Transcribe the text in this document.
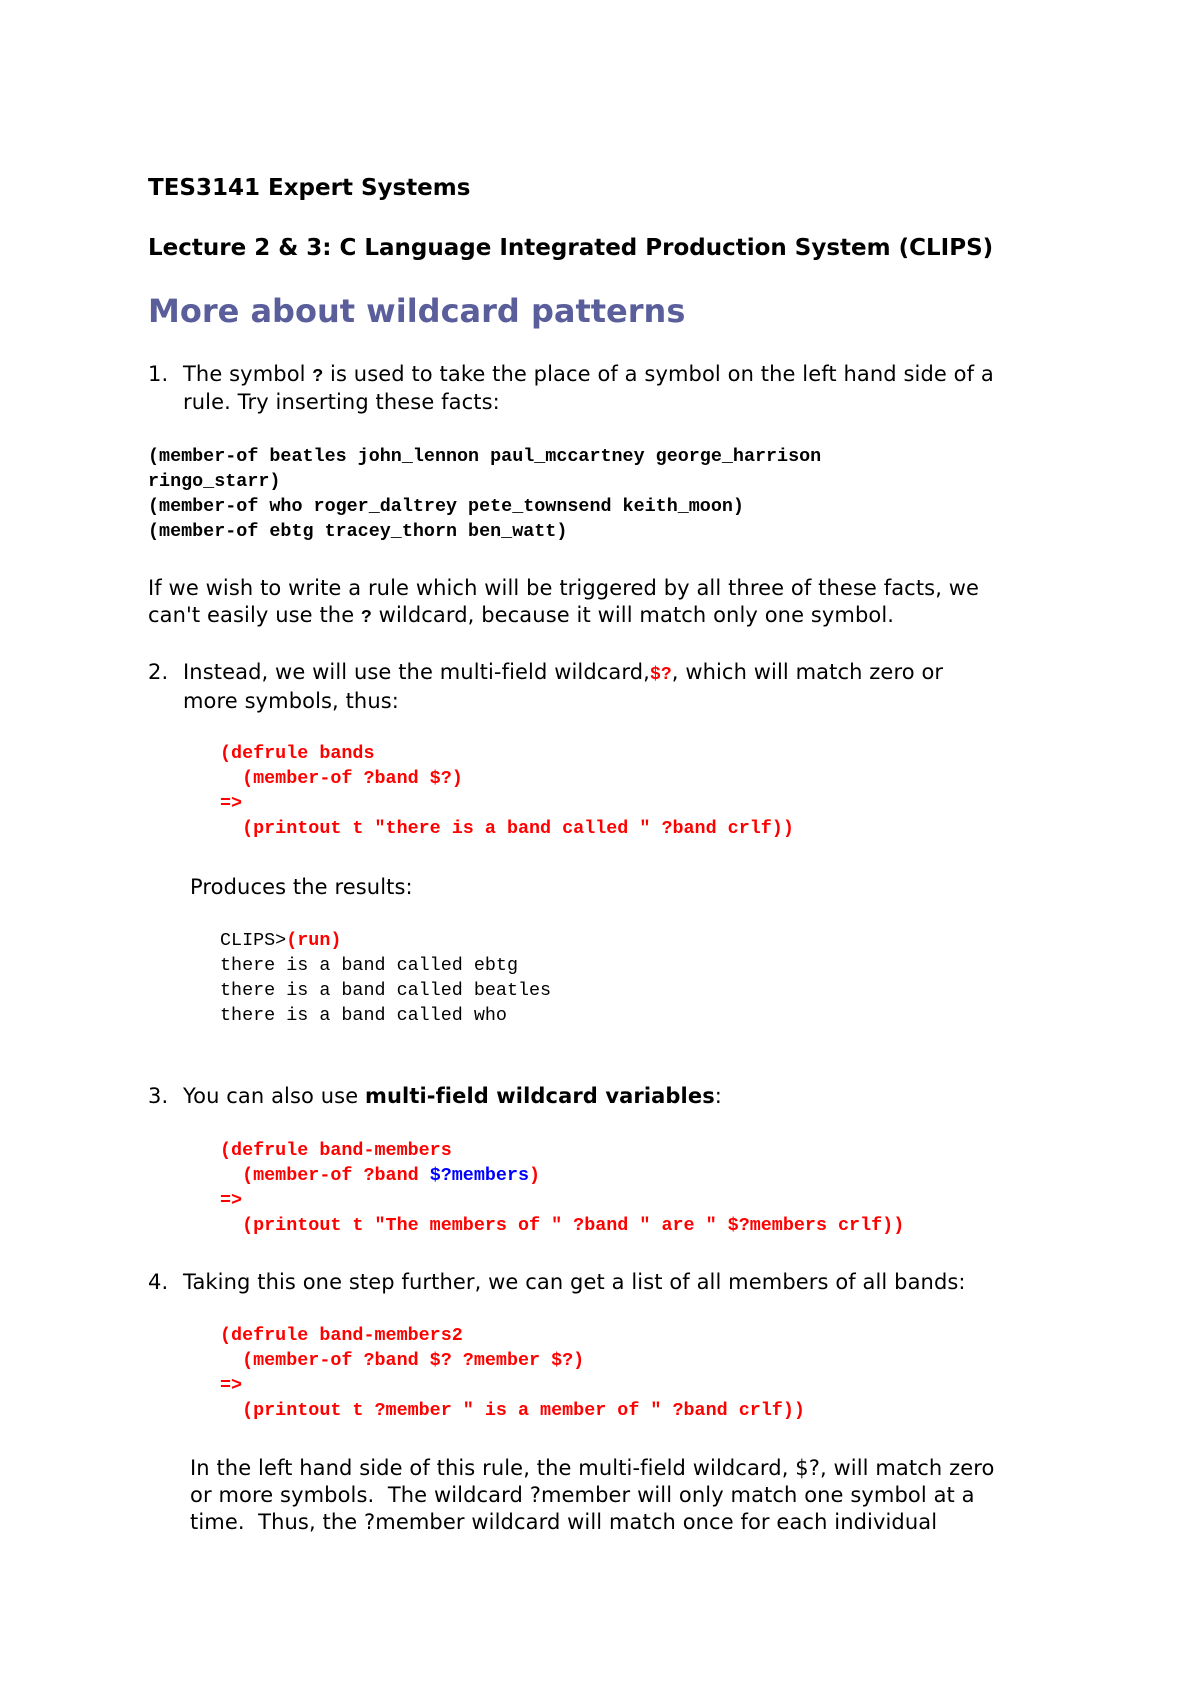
TES3141 Expert Systems
Lecture 2 & 3: C Language Integrated Production System (CLIPS)
More about wildcard patterns
1. The symbol ? is used to take the place of a symbol on the left hand side of a
rule. Try inserting these facts:
(member-of beatles john_lennon paul_mccartney george_harrison
ringo_starr)
(member-of who roger_daltrey pete_townsend keith_moon)
(member-of ebtg tracey_thorn ben_watt)
If we wish to write a rule which will be triggered by all three of these facts, we
can't easily use the ? wildcard, because it will match only one symbol.
2. Instead, we will use the multi-field wildcard,$?, which will match zero or
more symbols, thus:
(defrule bands
(member-of ?band $?)
=>
(printout t "there is a band called " ?band crlf))
Produces the results:
CLIPS>(run)
there is a band called ebtg
there is a band called beatles
there is a band called who
3. You can also use multi-field wildcard variables:
(defrule band-members
(member-of ?band $?members)
=>
(printout t "The members of " ?band " are " $?members crlf))
4. Taking this one step further, we can get a list of all members of all bands:
(defrule band-members2
(member-of ?band $? ?member $?)
=>
(printout t ?member " is a member of " ?band crlf))
In the left hand side of this rule, the multi-field wildcard, $?, will match zero
or more symbols.  The wildcard ?member will only match one symbol at a
time.  Thus, the ?member wildcard will match once for each individual
